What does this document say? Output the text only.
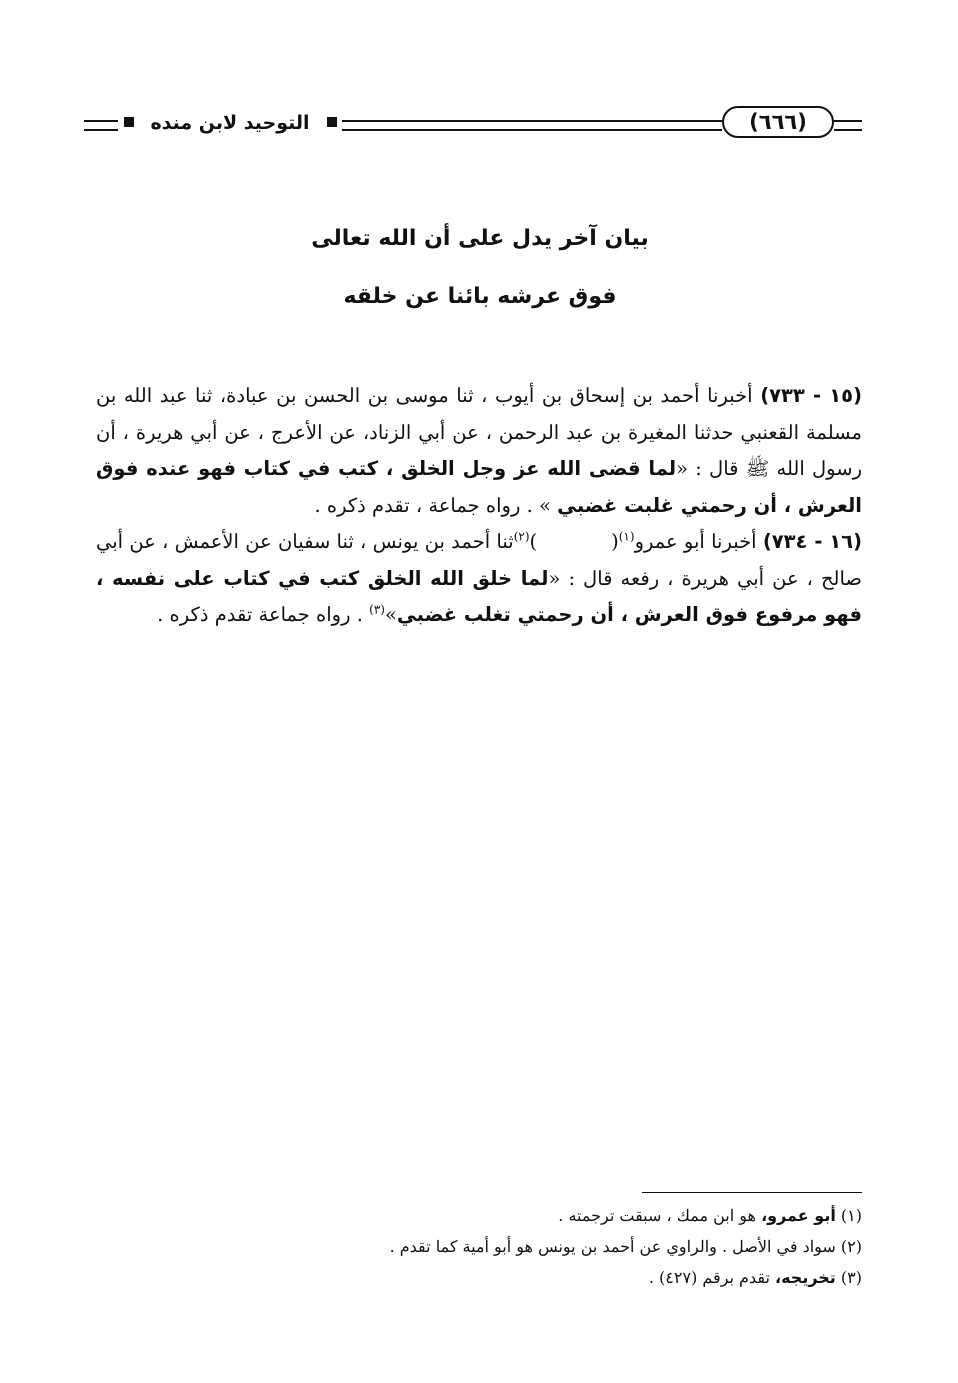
التوحيد لابن منده	(٦٦٦)
بيان آخر يدل على أن الله تعالى
فوق عرشه بائنا عن خلقه

(١٥ - ٧٣٣) أخبرنا أحمد بن إسحاق بن أيوب ، ثنا موسى بن الحسن بن عبادة، ثنا عبد الله بن مسلمة القعنبي حدثنا المغيرة بن عبد الرحمن ، عن أبي الزناد، عن الأعرج ، عن أبي هريرة ، أن رسول الله ﷺ قال : «لما قضى الله عز وجل الخلق ، كتب في كتاب فهو عنده فوق العرش ، أن رحمتي غلبت غضبي » . رواه جماعة ، تقدم ذكره .

(١٦ - ٧٣٤) أخبرنا أبو عمرو$^{(١)}$()$^{(٢)}$ثنا أحمد بن يونس ، ثنا سفيان عن الأعمش ، عن أبي صالح ، عن أبي هريرة ، رفعه قال : «لما خلق الله الخلق كتب في كتاب على نفسه ، فهو مرفوع فوق العرش ، أن رحمتي تغلب غضبي»$^{(٣)}$ . رواه جماعة تقدم ذكره .

(١) أبو عمرو، هو ابن ممك ، سبقت ترجمته .
(٢) سواد في الأصل . والراوي عن أحمد بن يونس هو أبو أمية كما تقدم .
(٣) تخريجه، تقدم برقم (٤٢٧) .
